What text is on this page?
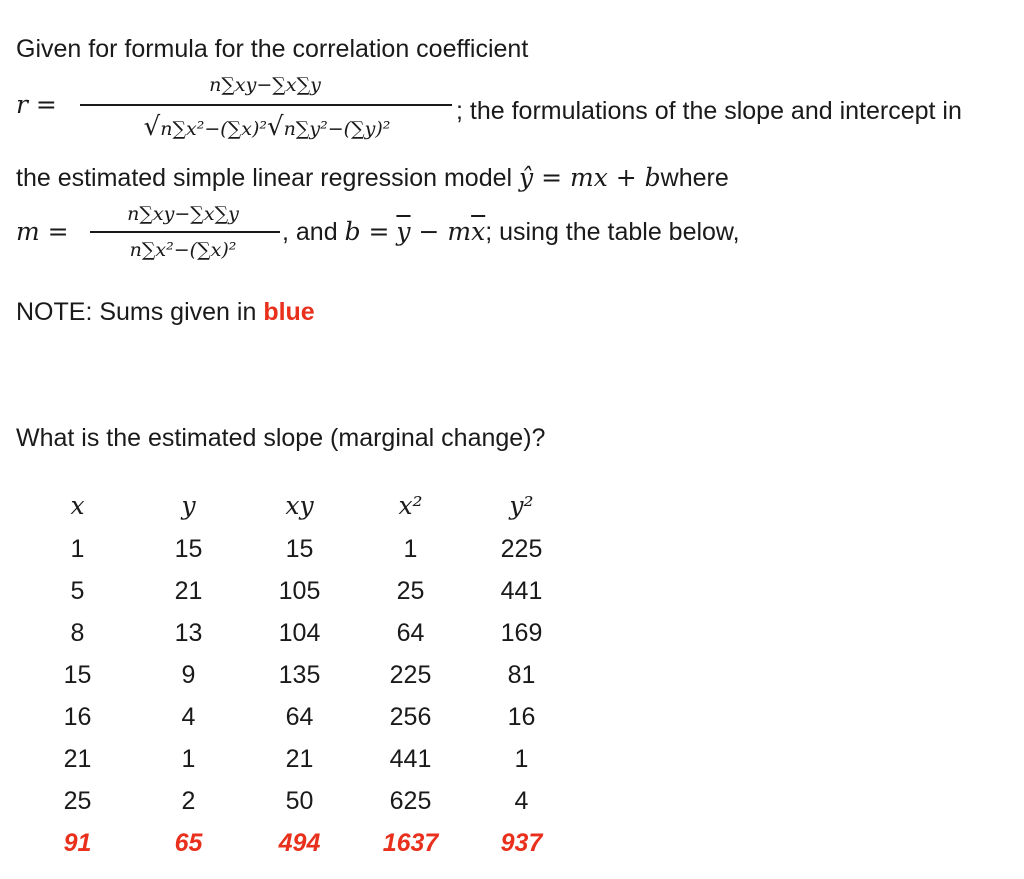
Given for formula for the correlation coefficient
r =
n∑xy−∑x∑y
√n∑x²−(∑x)²√n∑y²−(∑y)²
; the formulations of the slope and intercept in
the estimated simple linear regression model ŷ = mx + bwhere
m =
n∑xy−∑x∑y
n∑x²−(∑x)²
, and $b = \overline{y} - m\overline{x}$; using the table below,
NOTE: Sums given in blue
What is the estimated slope (marginal change)?
x	y	xy	x²	y²
1	15	15	1	225
5	21	105	25	441
8	13	104	64	169
15	9	135	225	81
16	4	64	256	16
21	1	21	441	1
25	2	50	625	4
91	65	494	1637	937
